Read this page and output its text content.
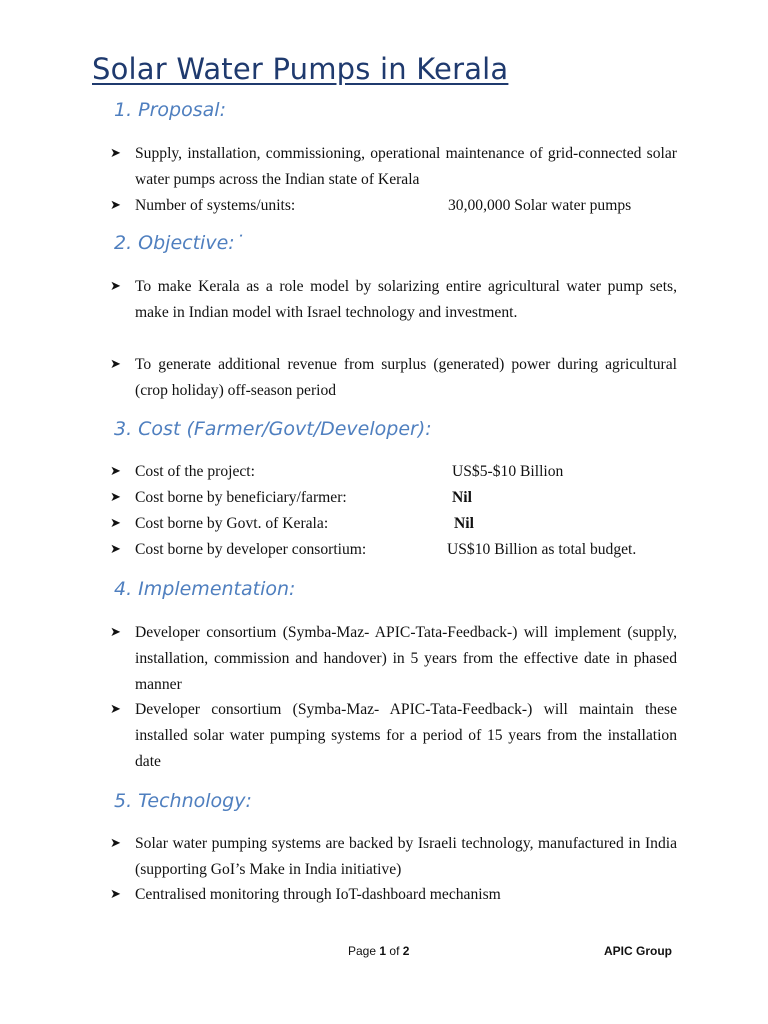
Solar Water Pumps in Kerala
1. Proposal:
➤ Supply, installation, commissioning, operational maintenance of grid-connected solar water pumps across the Indian state of Kerala
➤ Number of systems/units:	30,00,000 Solar water pumps
2. Objective:˙
➤ To make Kerala as a role model by solarizing entire agricultural water pump sets, make in Indian model with Israel technology and investment.
➤ To generate additional revenue from surplus (generated) power during agricultural (crop holiday) off-season period
3. Cost (Farmer/Govt/Developer):
➤ Cost of the project:	US$5-$10 Billion
➤ Cost borne by beneficiary/farmer:	Nil
➤ Cost borne by Govt. of Kerala:	Nil
➤ Cost borne by developer consortium:	US$10 Billion as total budget.
4. Implementation:
➤ Developer consortium (Symba-Maz- APIC-Tata-Feedback-) will implement (supply, installation, commission and handover) in 5 years from the effective date in phased manner
➤ Developer consortium (Symba-Maz- APIC-Tata-Feedback-) will maintain these installed solar water pumping systems for a period of 15 years from the installation date
5. Technology:
➤ Solar water pumping systems are backed by Israeli technology, manufactured in India (supporting GoI’s Make in India initiative)
➤ Centralised monitoring through IoT-dashboard mechanism
Page 1 of 2	APIC Group
